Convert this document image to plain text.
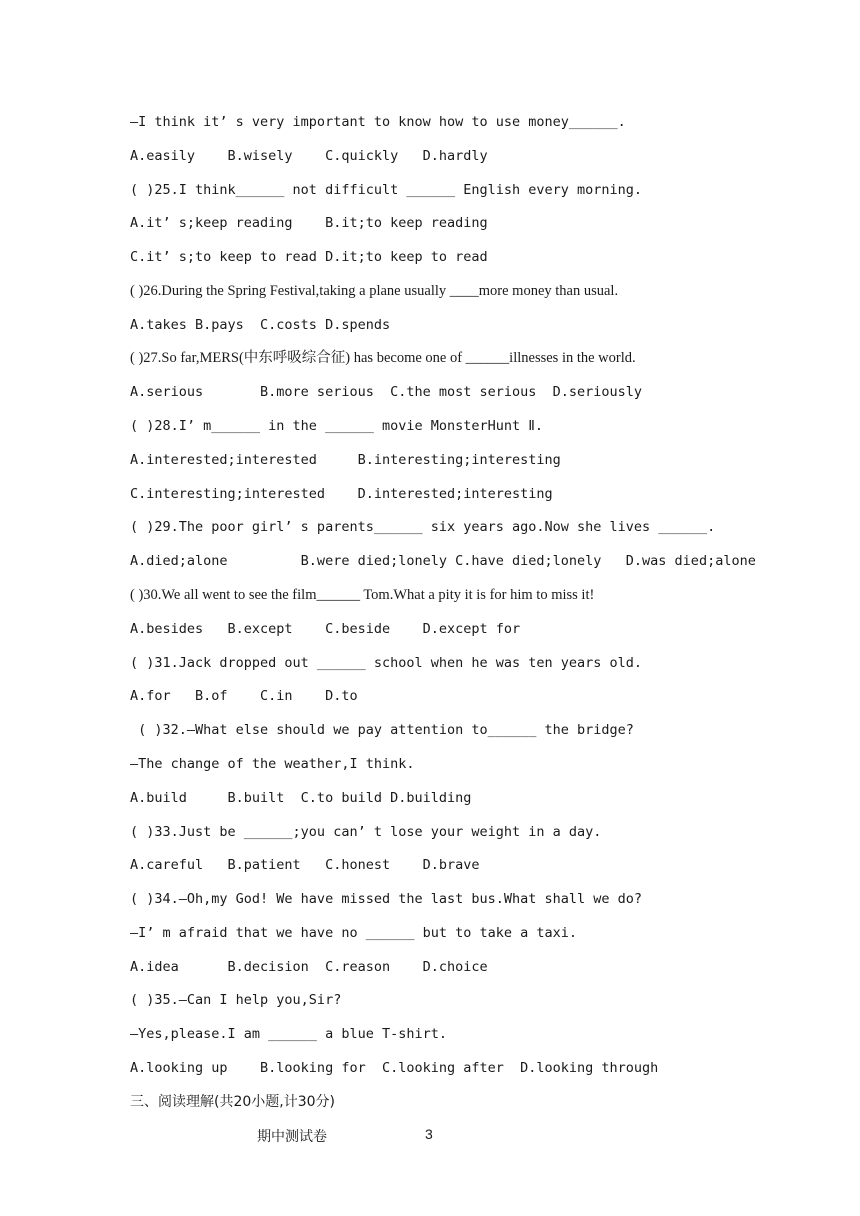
—I think it’ s very important to know how to use money______.
A.easily    B.wisely    C.quickly   D.hardly
( )25.I think______ not difficult ______ English every morning.
A.it’ s;keep reading    B.it;to keep reading
C.it’ s;to keep to read D.it;to keep to read
( )26.During the Spring Festival,taking a plane usually ____more money than usual.
A.takes B.pays  C.costs D.spends
( )27.So far,MERS(中东呼吸综合征) has become one of ______illnesses in the world.
A.serious       B.more serious  C.the most serious  D.seriously
( )28.I’ m______ in the ______ movie MonsterHunt Ⅱ.
A.interested;interested     B.interesting;interesting
C.interesting;interested    D.interested;interesting
( )29.The poor girl’ s parents______ six years ago.Now she lives ______.
A.died;alone         B.were died;lonely C.have died;lonely   D.was died;alone
( )30.We all went to see the film______ Tom.What a pity it is for him to miss it!
A.besides   B.except    C.beside    D.except for
( )31.Jack dropped out ______ school when he was ten years old.
A.for   B.of    C.in    D.to
( )32.—What else should we pay attention to______ the bridge?
—The change of the weather,I think.
A.build     B.built  C.to build D.building
( )33.Just be ______;you can’ t lose your weight in a day.
A.careful   B.patient   C.honest    D.brave
( )34.—Oh,my God! We have missed the last bus.What shall we do?
—I’ m afraid that we have no ______ but to take a taxi.
A.idea      B.decision  C.reason    D.choice
( )35.—Can I help you,Sir?
—Yes,please.I am ______ a blue T-shirt.
A.looking up    B.looking for  C.looking after  D.looking through
三、阅读理解(共20小题,计30分)
期中测试卷	3
